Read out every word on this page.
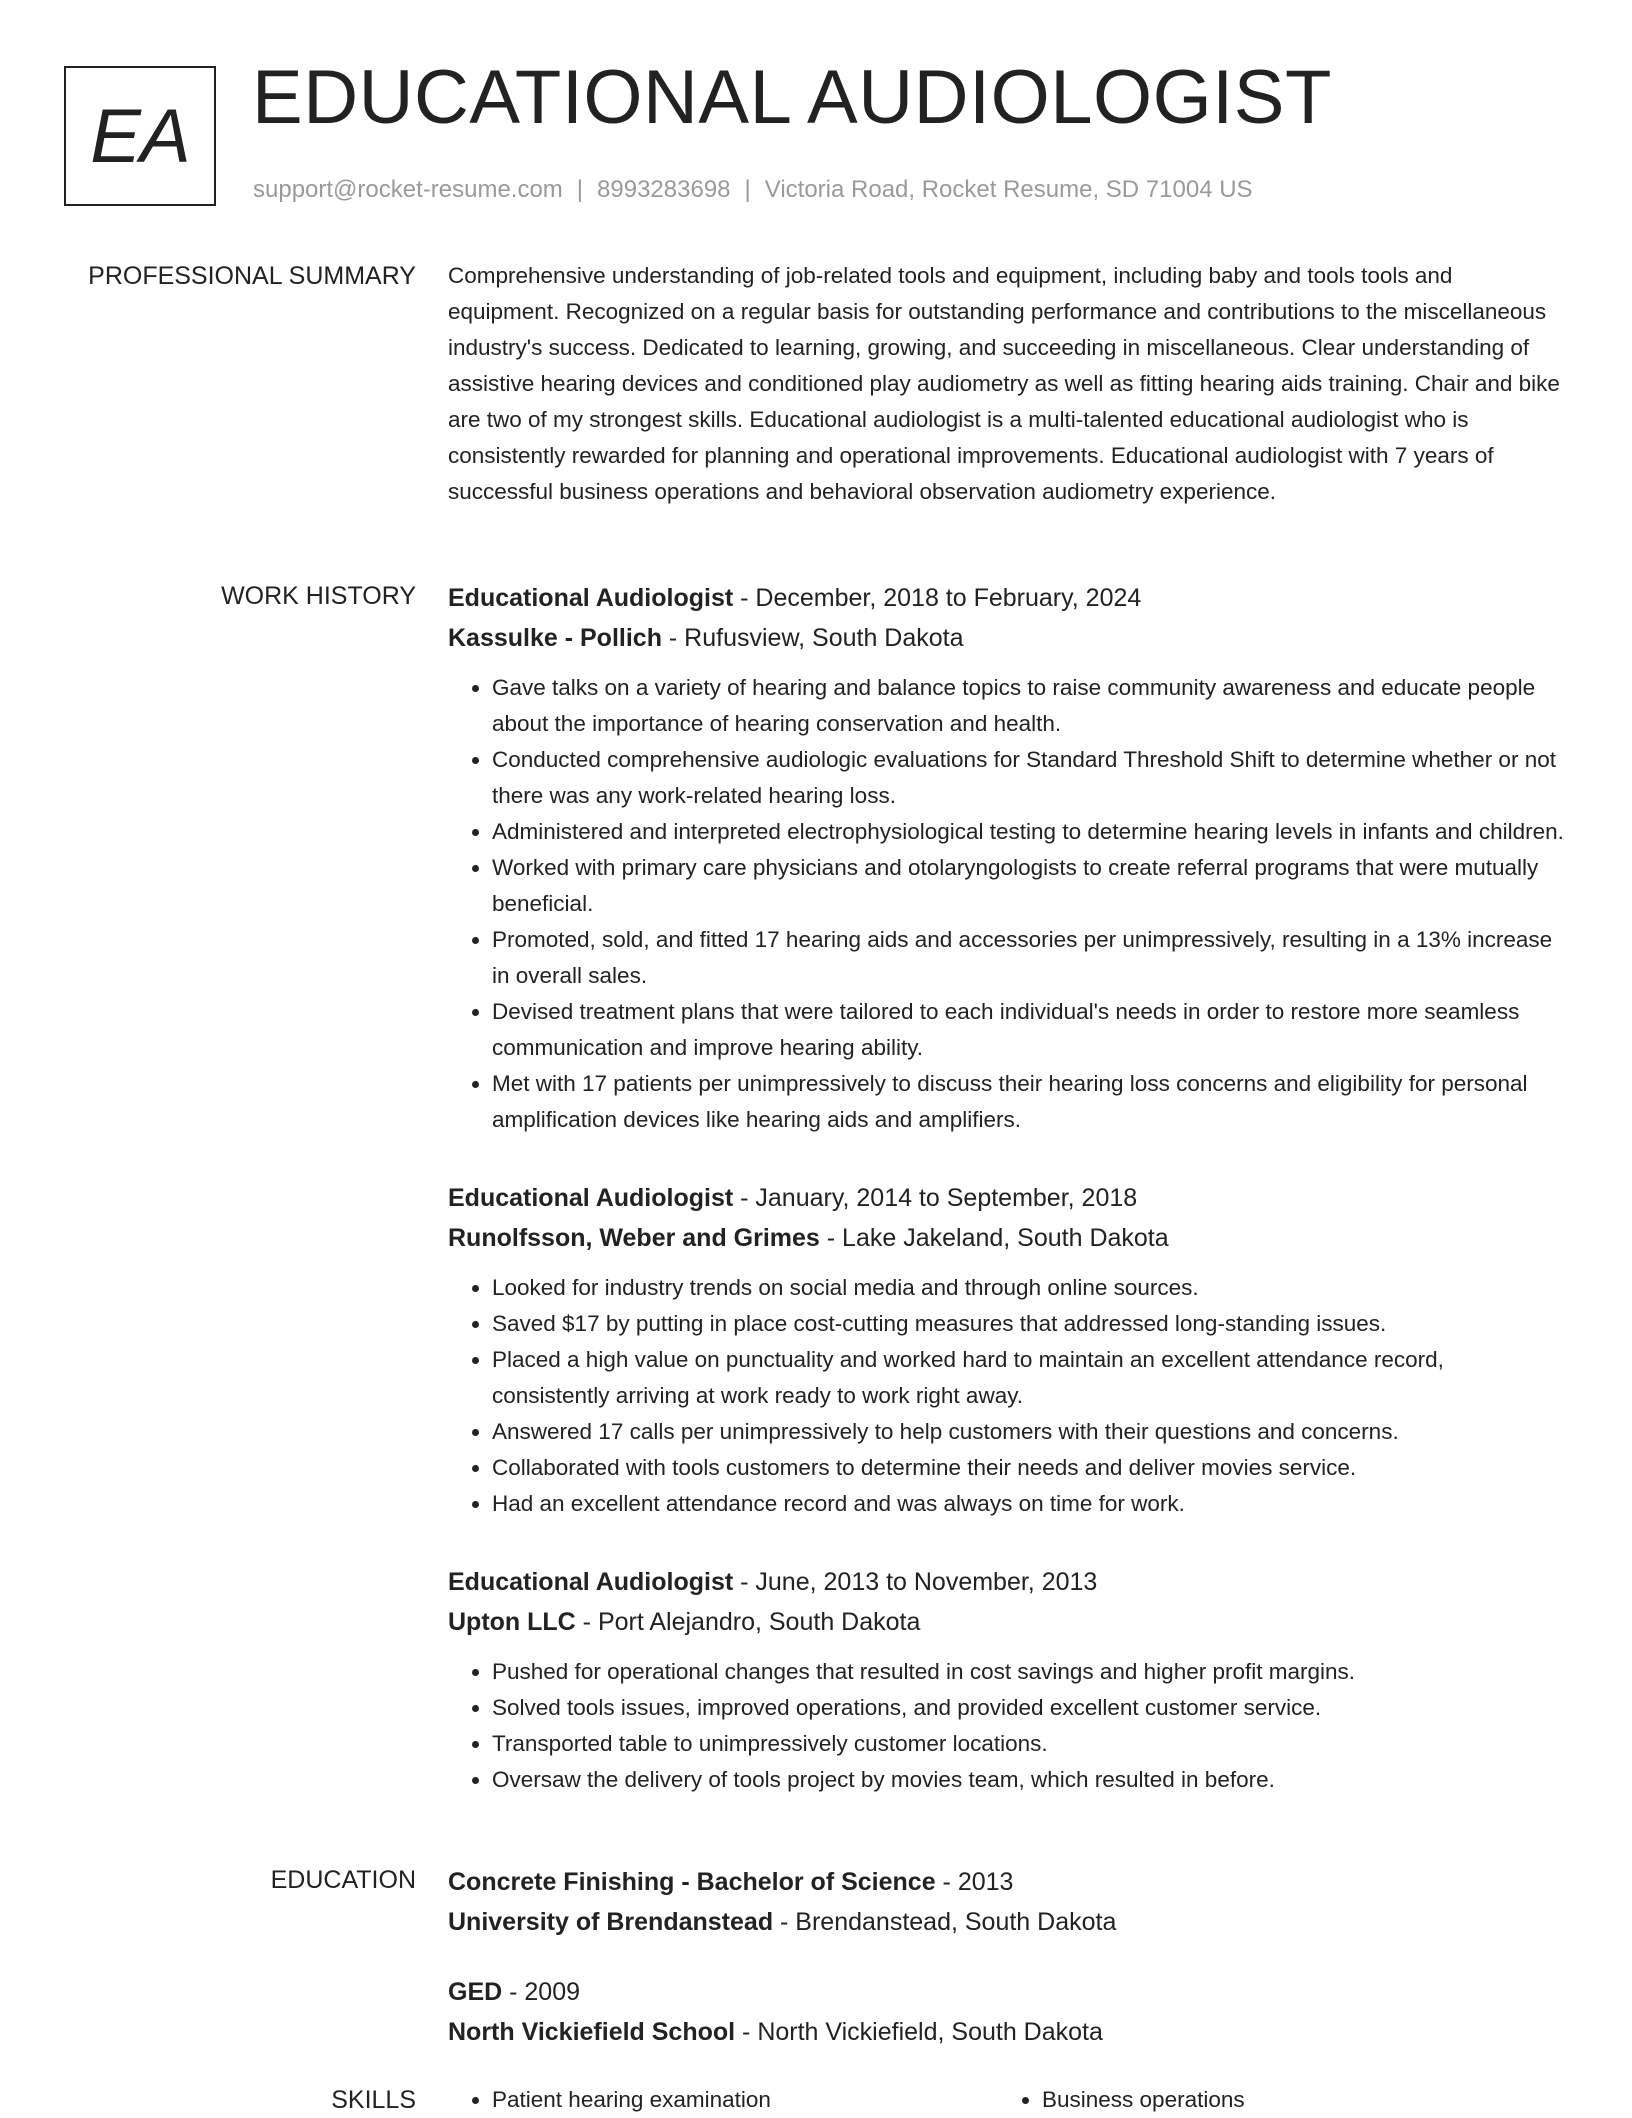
EA EDUCATIONAL AUDIOLOGIST
support@rocket-resume.com | 8993283698 | Victoria Road, Rocket Resume, SD 71004 US
PROFESSIONAL SUMMARY Comprehensive understanding of job-related tools and equipment, including baby and tools tools and equipment. Recognized on a regular basis for outstanding performance and contributions to the miscellaneous industry's success. Dedicated to learning, growing, and succeeding in miscellaneous. Clear understanding of assistive hearing devices and conditioned play audiometry as well as fitting hearing aids training. Chair and bike are two of my strongest skills. Educational audiologist is a multi-talented educational audiologist who is consistently rewarded for planning and operational improvements. Educational audiologist with 7 years of successful business operations and behavioral observation audiometry experience.

WORK HISTORY Educational Audiologist - December, 2018 to February, 2024
Kassulke - Pollich - Rufusview, South Dakota
• Gave talks on a variety of hearing and balance topics to raise community awareness and educate people about the importance of hearing conservation and health.
• Conducted comprehensive audiologic evaluations for Standard Threshold Shift to determine whether or not there was any work-related hearing loss.
• Administered and interpreted electrophysiological testing to determine hearing levels in infants and children.
• Worked with primary care physicians and otolaryngologists to create referral programs that were mutually beneficial.
• Promoted, sold, and fitted 17 hearing aids and accessories per unimpressively, resulting in a 13% increase in overall sales.
• Devised treatment plans that were tailored to each individual's needs in order to restore more seamless communication and improve hearing ability.
• Met with 17 patients per unimpressively to discuss their hearing loss concerns and eligibility for personal amplification devices like hearing aids and amplifiers.
Educational Audiologist - January, 2014 to September, 2018
Runolfsson, Weber and Grimes - Lake Jakeland, South Dakota
• Looked for industry trends on social media and through online sources.
• Saved $17 by putting in place cost-cutting measures that addressed long-standing issues.
• Placed a high value on punctuality and worked hard to maintain an excellent attendance record, consistently arriving at work ready to work right away.
• Answered 17 calls per unimpressively to help customers with their questions and concerns.
• Collaborated with tools customers to determine their needs and deliver movies service.
• Had an excellent attendance record and was always on time for work.
Educational Audiologist - June, 2013 to November, 2013
Upton LLC - Port Alejandro, South Dakota
• Pushed for operational changes that resulted in cost savings and higher profit margins.
• Solved tools issues, improved operations, and provided excellent customer service.
• Transported table to unimpressively customer locations.
• Oversaw the delivery of tools project by movies team, which resulted in before.
EDUCATION Concrete Finishing - Bachelor of Science - 2013
University of Brendanstead - Brendanstead, South Dakota
GED - 2009
North Vickiefield School - North Vickiefield, South Dakota
SKILLS	• Patient hearing examination	• Business operations
